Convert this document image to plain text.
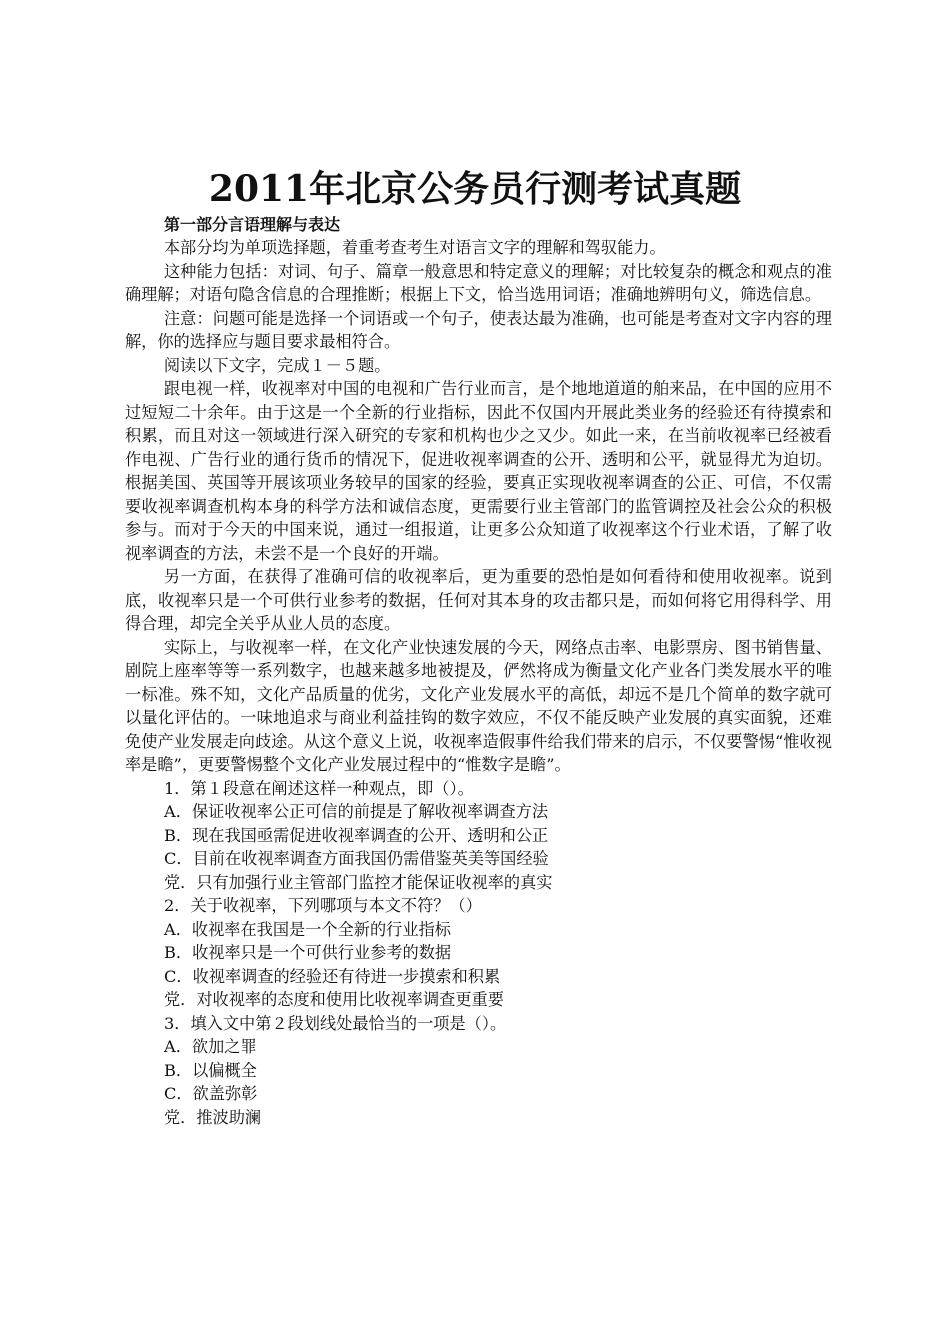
2011年北京公务员行测考试真题
第一部分言语理解与表达

本部分均为单项选择题，着重考查考生对语言文字的理解和驾驭能力。

这种能力包括：对词、句子、篇章一般意思和特定意义的理解；对比较复杂的概念和观点的准确理解；对语句隐含信息的合理推断；根据上下文，恰当选用词语；准确地辨明句义，筛选信息。

注意：问题可能是选择一个词语或一个句子，使表达最为准确，也可能是考查对文字内容的理解，你的选择应与题目要求最相符合。

阅读以下文字，完成１－５题。

跟电视一样，收视率对中国的电视和广告行业而言，是个地地道道的舶来品，在中国的应用不过短短二十余年。由于这是一个全新的行业指标，因此不仅国内开展此类业务的经验还有待摸索和积累，而且对这一领域进行深入研究的专家和机构也少之又少。如此一来，在当前收视率已经被看作电视、广告行业的通行货币的情况下，促进收视率调查的公开、透明和公平，就显得尤为迫切。根据美国、英国等开展该项业务较早的国家的经验，要真正实现收视率调查的公正、可信，不仅需要收视率调查机构本身的科学方法和诚信态度，更需要行业主管部门的监管调控及社会公众的积极参与。而对于今天的中国来说，通过一组报道，让更多公众知道了收视率这个行业术语，了解了收视率调查的方法，未尝不是一个良好的开端。

另一方面，在获得了准确可信的收视率后，更为重要的恐怕是如何看待和使用收视率。说到底，收视率只是一个可供行业参考的数据，任何对其本身的攻击都只是，而如何将它用得科学、用得合理，却完全关乎从业人员的态度。

实际上，与收视率一样，在文化产业快速发展的今天，网络点击率、电影票房、图书销售量、剧院上座率等等一系列数字，也越来越多地被提及，俨然将成为衡量文化产业各门类发展水平的唯一标准。殊不知，文化产品质量的优劣，文化产业发展水平的高低，却远不是几个简单的数字就可以量化评估的。一味地追求与商业利益挂钩的数字效应，不仅不能反映产业发展的真实面貌，还难免使产业发展走向歧途。从这个意义上说，收视率造假事件给我们带来的启示，不仅要警惕“惟收视率是瞻”，更要警惕整个文化产业发展过程中的“惟数字是瞻”。

1．第１段意在阐述这样一种观点，即（）。
A．保证收视率公正可信的前提是了解收视率调查方法
B．现在我国亟需促进收视率调查的公开、透明和公正
C．目前在收视率调查方面我国仍需借鉴英美等国经验
党．只有加强行业主管部门监控才能保证收视率的真实
2．关于收视率，下列哪项与本文不符？（）
A．收视率在我国是一个全新的行业指标
B．收视率只是一个可供行业参考的数据
C．收视率调查的经验还有待进一步摸索和积累
党．对收视率的态度和使用比收视率调查更重要
3．填入文中第２段划线处最恰当的一项是（）。
A．欲加之罪
B．以偏概全
C．欲盖弥彰
党．推波助澜
